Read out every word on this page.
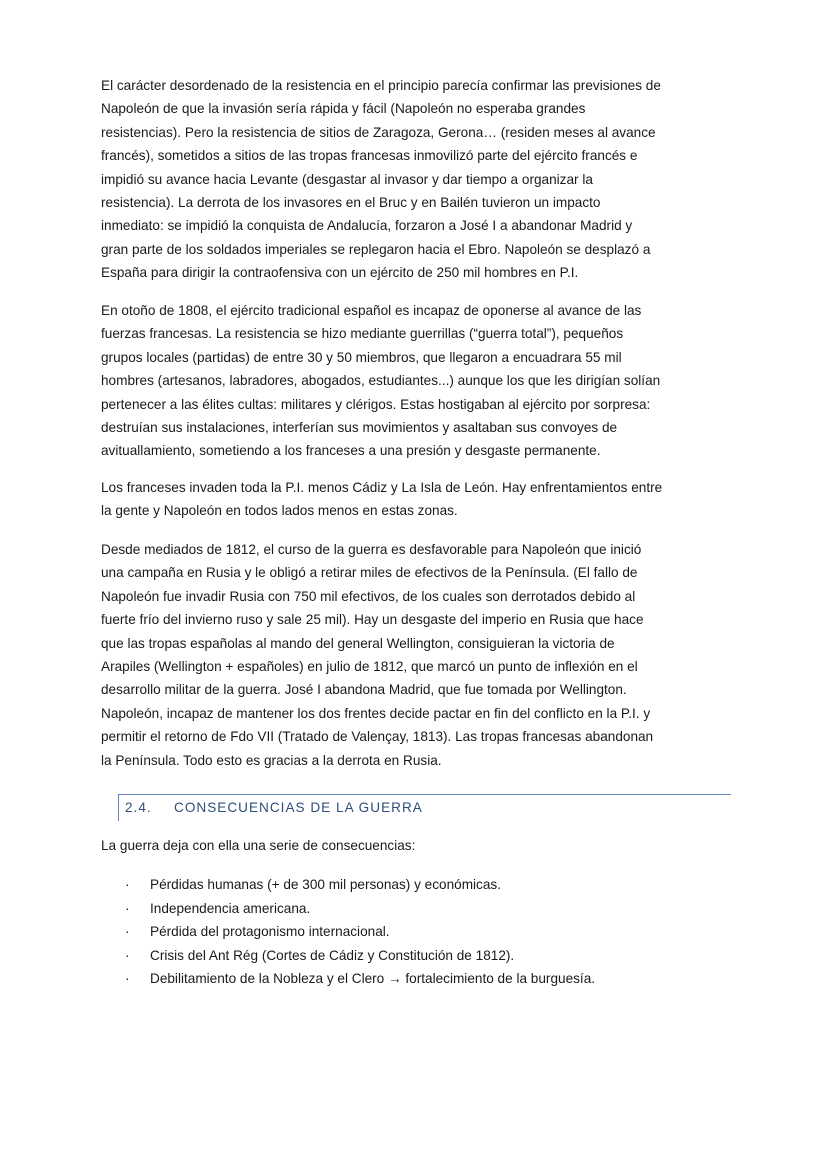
El carácter desordenado de la resistencia en el principio parecía confirmar las previsiones de
Napoleón de que la invasión sería rápida y fácil (Napoleón no esperaba grandes
resistencias). Pero la resistencia de sitios de Zaragoza, Gerona… (residen meses al avance
francés), sometidos a sitios de las tropas francesas inmovilizó parte del ejército francés e
impidió su avance hacia Levante (desgastar al invasor y dar tiempo a organizar la
resistencia). La derrota de los invasores en el Bruc y en Bailén tuvieron un impacto
inmediato: se impidió la conquista de Andalucía, forzaron a José I a abandonar Madrid y
gran parte de los soldados imperiales se replegaron hacia el Ebro. Napoleón se desplazó a
España para dirigir la contraofensiva con un ejército de 250 mil hombres en P.I.
En otoño de 1808, el ejército tradicional español es incapaz de oponerse al avance de las
fuerzas francesas. La resistencia se hizo mediante guerrillas (“guerra total”), pequeños
grupos locales (partidas) de entre 30 y 50 miembros, que llegaron a encuadrara 55 mil
hombres (artesanos, labradores, abogados, estudiantes...) aunque los que les dirigían solían
pertenecer a las élites cultas: militares y clérigos. Estas hostigaban al ejército por sorpresa:
destruían sus instalaciones, interferían sus movimientos y asaltaban sus convoyes de
avituallamiento, sometiendo a los franceses a una presión y desgaste permanente.
Los franceses invaden toda la P.I. menos Cádiz y La Isla de León. Hay enfrentamientos entre
la gente y Napoleón en todos lados menos en estas zonas.
Desde mediados de 1812, el curso de la guerra es desfavorable para Napoleón que inició
una campaña en Rusia y le obligó a retirar miles de efectivos de la Península. (El fallo de
Napoleón fue invadir Rusia con 750 mil efectivos, de los cuales son derrotados debido al
fuerte frío del invierno ruso y sale 25 mil). Hay un desgaste del imperio en Rusia que hace
que las tropas españolas al mando del general Wellington, consiguieran la victoria de
Arapiles (Wellington + españoles) en julio de 1812, que marcó un punto de inflexión en el
desarrollo militar de la guerra. José I abandona Madrid, que fue tomada por Wellington.
Napoleón, incapaz de mantener los dos frentes decide pactar en fin del conflicto en la P.I. y
permitir el retorno de Fdo VII (Tratado de Valençay, 1813). Las tropas francesas abandonan
la Península. Todo esto es gracias a la derrota en Rusia.
2.4. CONSECUENCIAS DE LA GUERRA
La guerra deja con ella una serie de consecuencias:
· Pérdidas humanas (+ de 300 mil personas) y económicas.
· Independencia americana.
· Pérdida del protagonismo internacional.
· Crisis del Ant Rég (Cortes de Cádiz y Constitución de 1812).
· Debilitamiento de la Nobleza y el Clero → fortalecimiento de la burguesía.
